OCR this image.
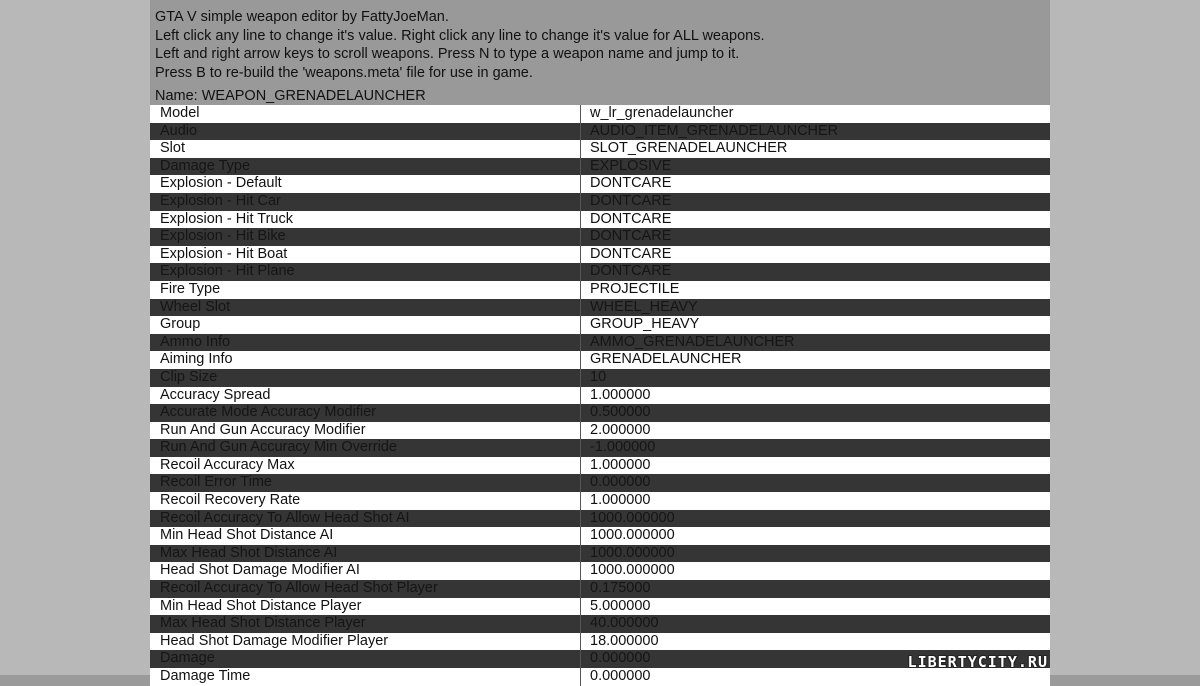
GTA V simple weapon editor by FattyJoeMan.
Left click any line to change it's value. Right click any line to change it's value for ALL weapons.
Left and right arrow keys to scroll weapons. Press N to type a weapon name and jump to it.
Press B to re-build the 'weapons.meta' file for use in game.
Name: WEAPON_GRENADELAUNCHER
Model	w_lr_grenadelauncher
Audio	AUDIO_ITEM_GRENADELAUNCHER
Slot	SLOT_GRENADELAUNCHER
Damage Type	EXPLOSIVE
Explosion - Default	DONTCARE
Explosion - Hit Car	DONTCARE
Explosion - Hit Truck	DONTCARE
Explosion - Hit Bike	DONTCARE
Explosion - Hit Boat	DONTCARE
Explosion - Hit Plane	DONTCARE
Fire Type	PROJECTILE
Wheel Slot	WHEEL_HEAVY
Group	GROUP_HEAVY
Ammo Info	AMMO_GRENADELAUNCHER
Aiming Info	GRENADELAUNCHER
Clip Size	10
Accuracy Spread	1.000000
Accurate Mode Accuracy Modifier	0.500000
Run And Gun Accuracy Modifier	2.000000
Run And Gun Accuracy Min Override	-1.000000
Recoil Accuracy Max	1.000000
Recoil Error Time	0.000000
Recoil Recovery Rate	1.000000
Recoil Accuracy To Allow Head Shot AI	1000.000000
Min Head Shot Distance AI	1000.000000
Max Head Shot Distance AI	1000.000000
Head Shot Damage Modifier AI	1000.000000
Recoil Accuracy To Allow Head Shot Player	0.175000
Min Head Shot Distance Player	5.000000
Max Head Shot Distance Player	40.000000
Head Shot Damage Modifier Player	18.000000
Damage	0.000000
Damage Time	0.000000
LIBERTYCITY.RU
